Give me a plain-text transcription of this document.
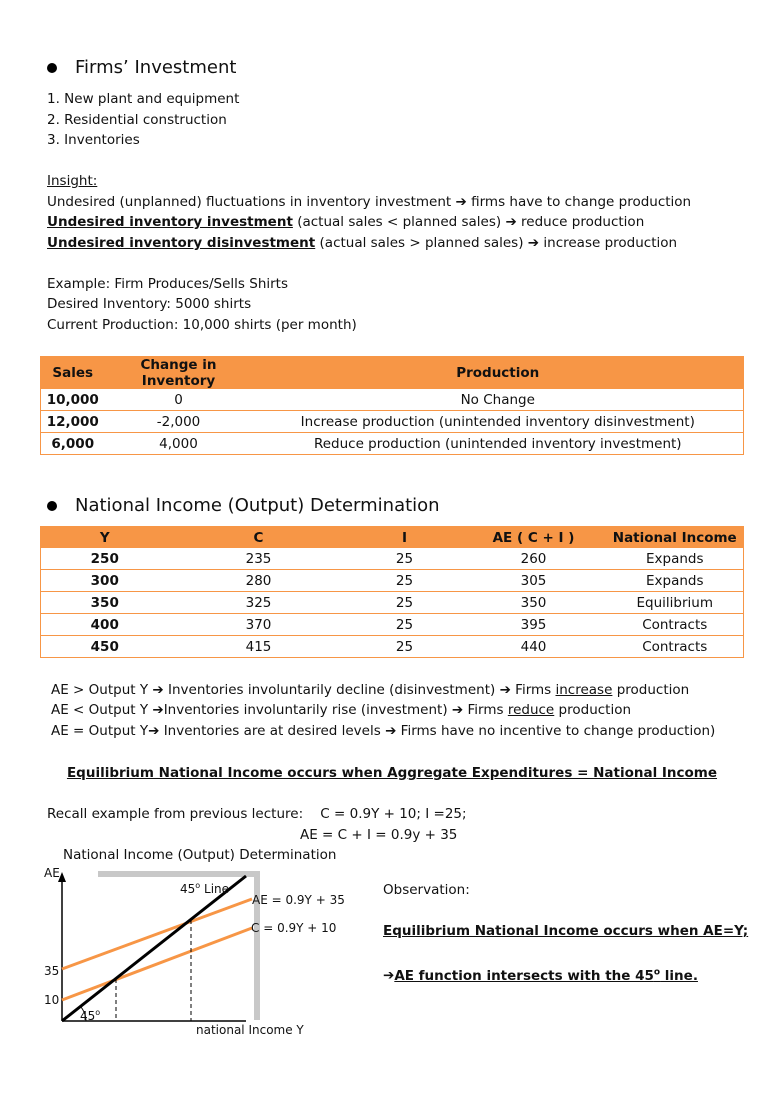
Firms’ Investment
1. New plant and equipment
2. Residential construction
3. Inventories
Insight:
Undesired (unplanned) fluctuations in inventory investment ➔ firms have to change production
Undesired inventory investment (actual sales < planned sales) ➔ reduce production
Undesired inventory disinvestment (actual sales > planned sales) ➔ increase production
Example: Firm Produces/Sells Shirts
Desired Inventory: 5000 shirts
Current Production: 10,000 shirts (per month)
Sales	Change in Inventory	Production
10,000	0	No Change
12,000	-2,000	Increase production (unintended inventory disinvestment)
6,000	4,000	Reduce production (unintended inventory investment)
National Income (Output) Determination
Y	C	I	AE ( C + I )	National Income
250	235	25	260	Expands
300	280	25	305	Expands
350	325	25	350	Equilibrium
400	370	25	395	Contracts
450	415	25	440	Contracts
AE > Output Y ➔ Inventories involuntarily decline (disinvestment) ➔ Firms increase production
AE < Output Y ➔Inventories involuntarily rise (investment) ➔ Firms reduce production
AE = Output Y➔ Inventories are at desired levels ➔ Firms have no incentive to change production)
Equilibrium National Income occurs when Aggregate Expenditures = National Income
Recall example from previous lecture:    C = 0.9Y + 10; I =25;
AE = C + I = 0.9y + 35
National Income (Output) Determination
AE
45$^o$ Line
AE = 0.9Y + 35
C = 0.9Y + 10
35
10
45$^o$
national Income Y
Observation:
Equilibrium National Income occurs when AE=Y;
➔AE function intersects with the 45$^o$ line.
